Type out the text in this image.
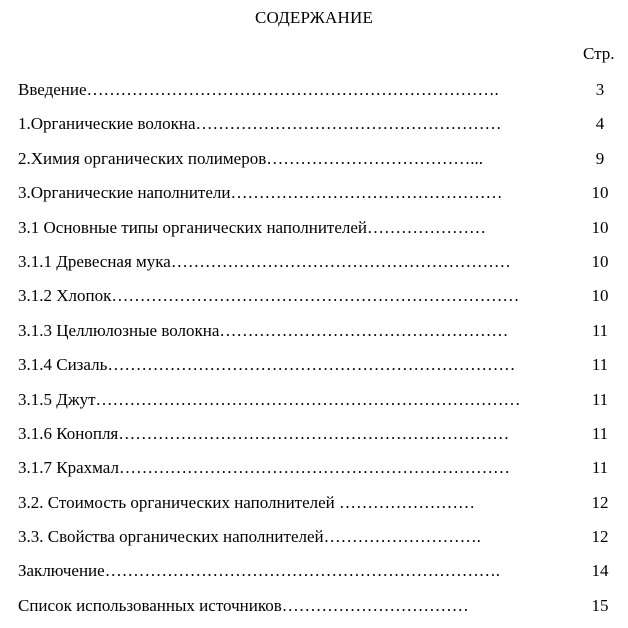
СОДЕРЖАНИЕ
Стр.
Введение……………………………………………………………….	3
1.Органические волокна………………………………………………	4
2.Химия органических полимеров………………………………...	9
3.Органические наполнители…………………………………………	10
3.1 Основные типы органических наполнителей…………………	10
3.1.1 Древесная мука……………………………………………………	10
3.1.2 Хлопок………………………………………………………………	10
3.1.3 Целлюлозные волокна……………………………………………	11
3.1.4 Сизаль………………………………………………………………	11
3.1.5 Джут…………………………………………………………………	11
3.1.6 Конопля……………………………………………………………	11
3.1.7 Крахмал……………………………………………………………	11
3.2. Стоимость органических наполнителей ……………………	12
3.3. Свойства органических наполнителей……………………….	12
Заключение…………………………………………………………….	14
Список использованных источников……………………………	15
